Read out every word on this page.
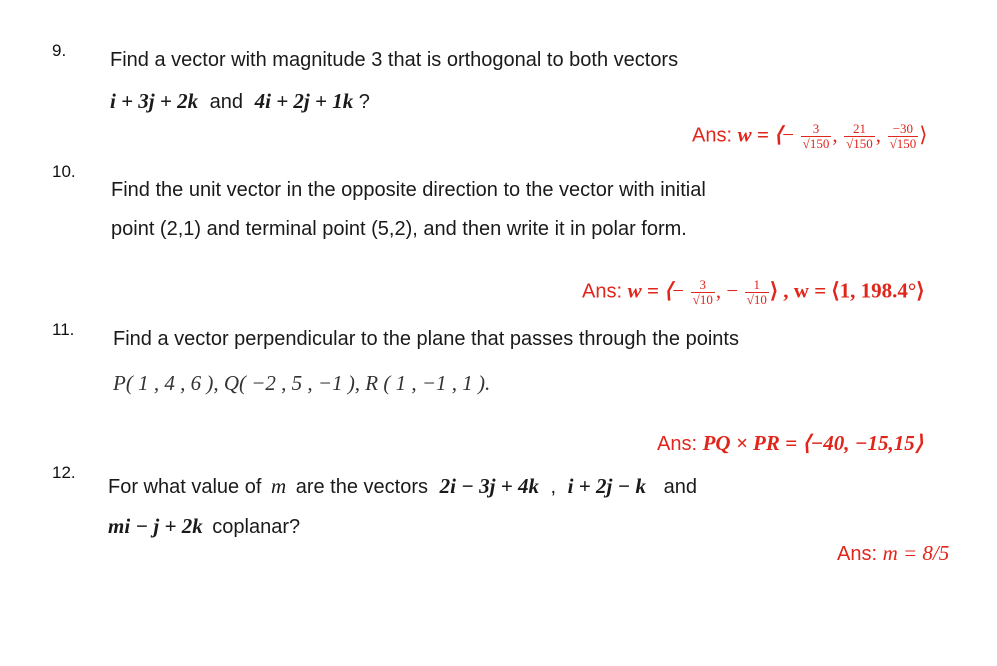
9. Find a vector with magnitude 3 that is orthogonal to both vectors
i + 3j + 2k and 4i + 2j + 1k ?
Ans: w = ⟨− $\frac{3}{√150}$ , $\frac{21}{√150}$ , $\frac{-30}{√150}$ ⟩
10.
Find the unit vector in the opposite direction to the vector with initial
point (2,1) and terminal point (5,2), and then write it in polar form.
Ans: w = ⟨− $\frac{3}{√10}$ , − $\frac{1}{√10}$ ⟩ , w = ⟨1, 198.4°⟩
11. Find a vector perpendicular to the plane that passes through the points
P( 1 , 4 , 6 ), Q( −2 , 5 , −1 ), R ( 1 , −1 , 1 ).
Ans: PQ × PR = ⟨−40, −15,15⟩
12.
For what value of m are the vectors 2i − 3j + 4k , i + 2j − k and
mi − j + 2k coplanar?
Ans: m = 8/5
